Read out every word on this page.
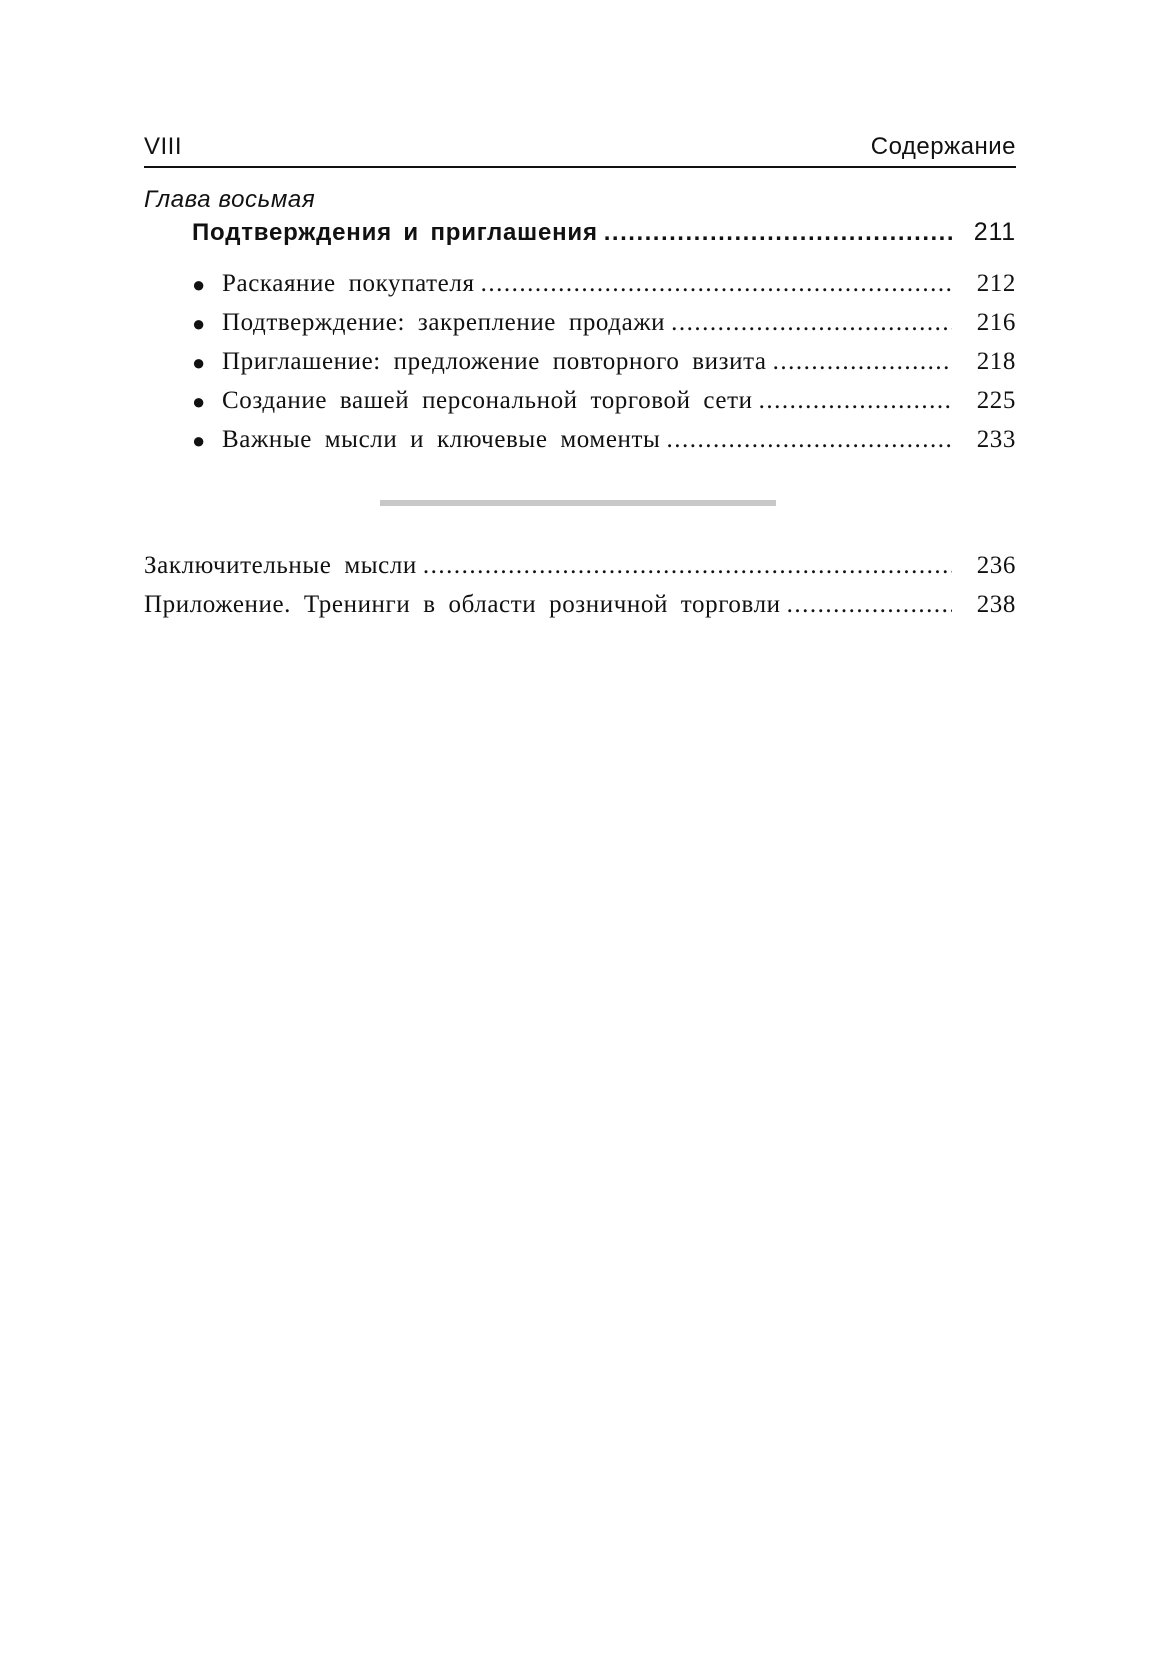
VIII	Содержание
Глава восьмая
Подтверждения и приглашения .....	211
● Раскаяние покупателя .....	212
● Подтверждение: закрепление продажи .....	216
● Приглашение: предложение повторного визита .....	218
● Создание вашей персональной торговой сети .....	225
● Важные мысли и ключевые моменты .....	233
Заключительные мысли .....	236
Приложение. Тренинги в области розничной торговли .....	238
